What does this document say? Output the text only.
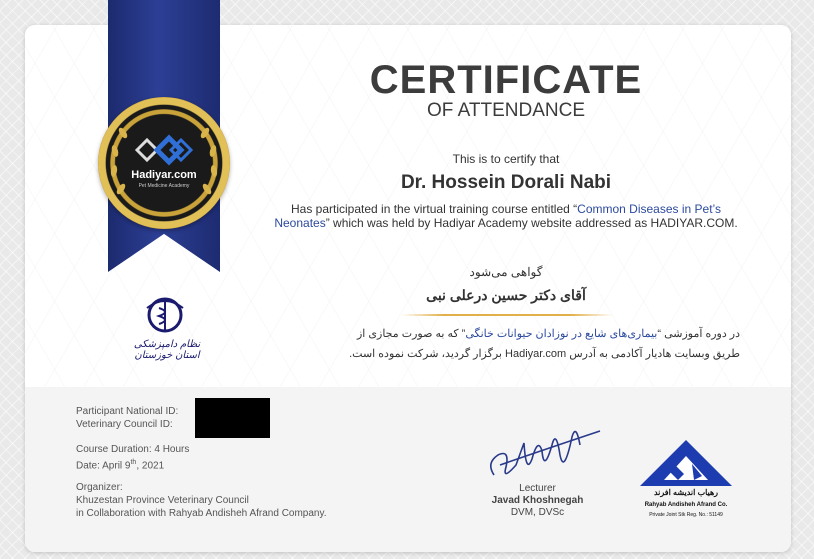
Hadiyar.com
Pet Medicine Academy
CERTIFICATE
OF ATTENDANCE
This is to certify that
Dr. Hossein Dorali Nabi
Has participated in the virtual training course entitled “Common Diseases in Pet’s Neonates” which was held by Hadiyar Academy website addressed as HADIYAR.COM.
گواهی می‌شود
آقای دکتر حسین درعلی نبی
در دوره آموزشی “بیماری‌های شایع در نوزادان حیوانات خانگی” که به صورت مجازی از طریق وبسایت هادیار آکادمی به آدرس Hadiyar.com برگزار گردید، شرکت نموده است.
نظام دامپزشکی استان خوزستان
Participant National ID:
Veterinary Council ID:
Course Duration: 4 Hours
Date: April 9th, 2021
Organizer:
Khuzestan Province Veterinary Council
in Collaboration with Rahyab Andisheh Afrand Company.
Lecturer
Javad Khoshnegah
DVM, DVSc
رهیاب اندیشه افرند
Rahyab Andisheh Afrand Co.
Private Joint Stk Reg. No.: 51149
